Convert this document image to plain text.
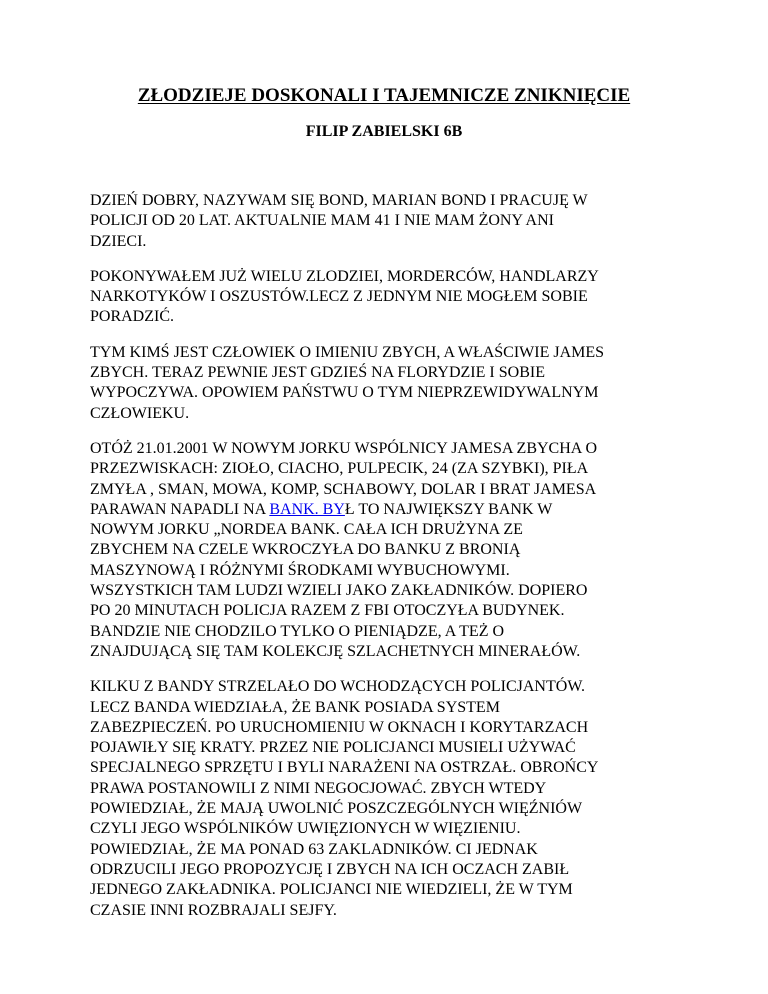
ZŁODZIEJE DOSKONALI I TAJEMNICZE ZNIKNIĘCIE
FILIP ZABIELSKI 6B

DZIEŃ DOBRY, NAZYWAM SIĘ BOND, MARIAN BOND I PRACUJĘ W
POLICJI OD 20 LAT. AKTUALNIE MAM 41 I NIE MAM ŻONY ANI
DZIECI.

POKONYWAŁEM JUŻ WIELU ZLODZIEI, MORDERCÓW, HANDLARZY
NARKOTYKÓW I OSZUSTÓW.LECZ Z JEDNYM NIE MOGŁEM SOBIE
PORADZIĆ.

TYM KIMŚ JEST CZŁOWIEK O IMIENIU ZBYCH, A WŁAŚCIWIE JAMES
ZBYCH. TERAZ PEWNIE JEST GDZIEŚ NA FLORYDZIE I SOBIE
WYPOCZYWA. OPOWIEM PAŃSTWU O TYM NIEPRZEWIDYWALNYM
CZŁOWIEKU.

OTÓŻ 21.01.2001 W NOWYM JORKU WSPÓLNICY JAMESA ZBYCHA O
PRZEZWISKACH: ZIOŁO, CIACHO, PULPECIK, 24 (ZA SZYBKI), PIŁA
ZMYŁA , SMAN, MOWA, KOMP, SCHABOWY, DOLAR I BRAT JAMESA
PARAWAN NAPADLI NA BANK. BYŁ TO NAJWIĘKSZY BANK W
NOWYM JORKU „NORDEA BANK. CAŁA ICH DRUŻYNA ZE
ZBYCHEM NA CZELE WKROCZYŁA DO BANKU Z BRONIĄ
MASZYNOWĄ I RÓŻNYMI ŚRODKAMI WYBUCHOWYMI.
WSZYSTKICH TAM LUDZI WZIELI JAKO ZAKŁADNIKÓW. DOPIERO
PO 20 MINUTACH POLICJA RAZEM Z FBI OTOCZYŁA BUDYNEK.
BANDZIE NIE CHODZILO TYLKO O PIENIĄDZE, A TEŻ O
ZNAJDUJĄCĄ SIĘ TAM KOLEKCJĘ SZLACHETNYCH MINERAŁÓW.

KILKU Z BANDY STRZELAŁO DO WCHODZĄCYCH POLICJANTÓW.
LECZ BANDA WIEDZIAŁA, ŻE BANK POSIADA SYSTEM
ZABEZPIECZEŃ. PO URUCHOMIENIU W OKNACH I KORYTARZACH
POJAWIŁY SIĘ KRATY. PRZEZ NIE POLICJANCI MUSIELI UŻYWAĆ
SPECJALNEGO SPRZĘTU I BYLI NARAŻENI NA OSTRZAŁ. OBROŃCY
PRAWA POSTANOWILI Z NIMI NEGOCJOWAĆ. ZBYCH WTEDY
POWIEDZIAŁ, ŻE MAJĄ UWOLNIĆ POSZCZEGÓLNYCH WIĘŹNIÓW
CZYLI JEGO WSPÓLNIKÓW UWIĘZIONYCH W WIĘZIENIU.
POWIEDZIAŁ, ŻE MA PONAD 63 ZAKLADNIKÓW. CI JEDNAK
ODRZUCILI JEGO PROPOZYCJĘ I ZBYCH NA ICH OCZACH ZABIŁ
JEDNEGO ZAKŁADNIKA. POLICJANCI NIE WIEDZIELI, ŻE W TYM
CZASIE INNI ROZBRAJALI SEJFY.
